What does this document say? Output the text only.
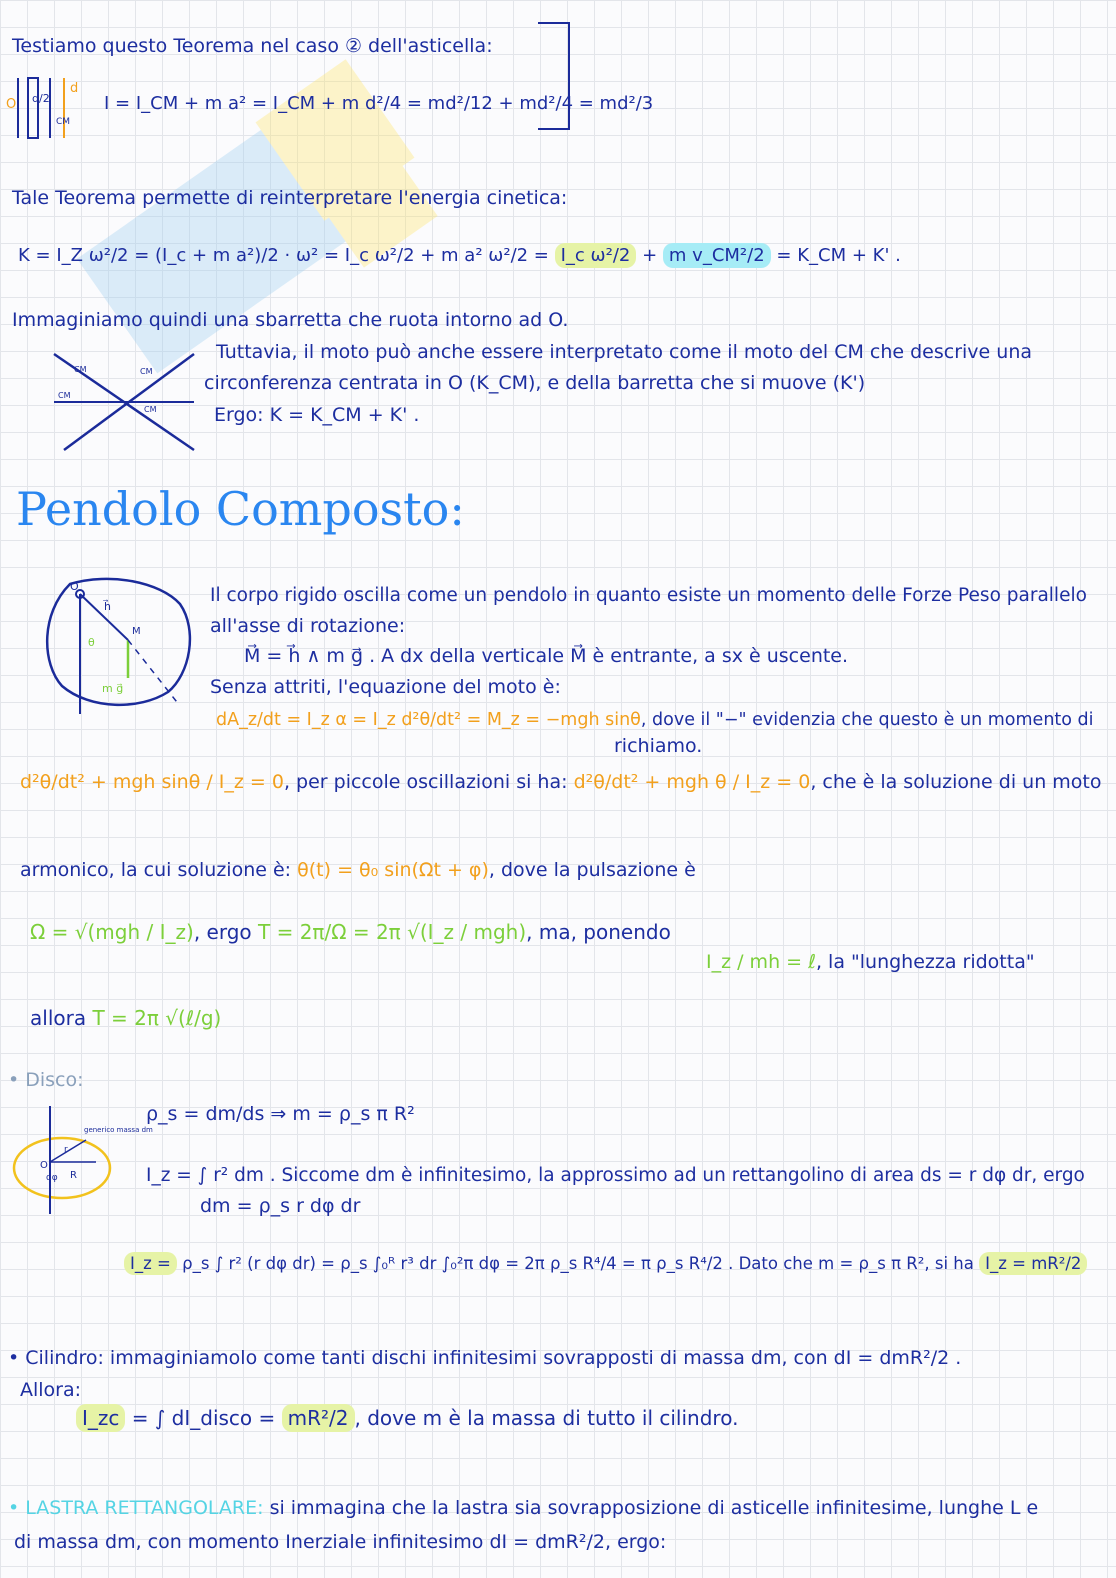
Testiamo questo Teorema nel caso ② dell'asticella:
O d/2
d
CM
I = I_CM + m a² = I_CM + m d²/4 = md²/12 + md²/4 = md²/3
Tale Teorema permette di reinterpretare l'energia cinetica:
K = I_Z ω²/2 = (I_c + m a²)/2 · ω² = I_c ω²/2 + m a² ω²/2 = I_c ω²/2 + m v_CM²/2 = K_CM + K' .
Immaginiamo quindi una sbarretta che ruota intorno ad O.
CM	CM
CM
CM
Tuttavia, il moto può anche essere interpretato come il moto del CM che descrive una
circonferenza centrata in O (K_CM), e della barretta che si muove (K')
Ergo: K = K_CM + K' .
Pendolo Composto:
O
h⃗
M
θ
m g⃗
Il corpo rigido oscilla come un pendolo in quanto esiste un momento delle Forze Peso parallelo
all'asse di rotazione:
M⃗ = h⃗ ∧ m g⃗ . A dx della verticale M⃗ è entrante, a sx è uscente.
Senza attriti, l'equazione del moto è:
dA_z/dt = I_z α = I_z d²θ/dt² = M_z = −mgh sinθ, dove il "−" evidenzia che questo è un momento di
richiamo.
d²θ/dt² + mgh sinθ / I_z = 0, per piccole oscillazioni si ha: d²θ/dt² + mgh θ / I_z = 0, che è la soluzione di un moto
armonico, la cui soluzione è: θ(t) = θ₀ sin(Ωt + φ), dove la pulsazione è
Ω = √(mgh / I_z), ergo T = 2π/Ω = 2π √(I_z / mgh), ma, ponendo
I_z / mh = ℓ, la "lunghezza ridotta"
allora T = 2π √(ℓ/g)
• Disco:
generico massa dm
O
dφ R
r
ρ_s = dm/ds ⇒ m = ρ_s π R²
I_z = ∫ r² dm . Siccome dm è infinitesimo, la approssimo ad un rettangolino di area ds = r dφ dr, ergo
dm = ρ_s r dφ dr
I_z = ρ_s ∫ r² (r dφ dr) = ρ_s ∫₀ᴿ r³ dr ∫₀²π dφ = 2π ρ_s R⁴/4 = π ρ_s R⁴/2 . Dato che m = ρ_s π R², si ha I_z = mR²/2
• Cilindro: immaginiamolo come tanti dischi infinitesimi sovrapposti di massa dm, con dI = dmR²/2 .
Allora:
I_zc = ∫ dI_disco = mR²/2 , dove m è la massa di tutto il cilindro.
• LASTRA RETTANGOLARE: si immagina che la lastra sia sovrapposizione di asticelle infinitesime, lunghe L e
di massa dm, con momento Inerziale infinitesimo dI = dmR²/2, ergo:
